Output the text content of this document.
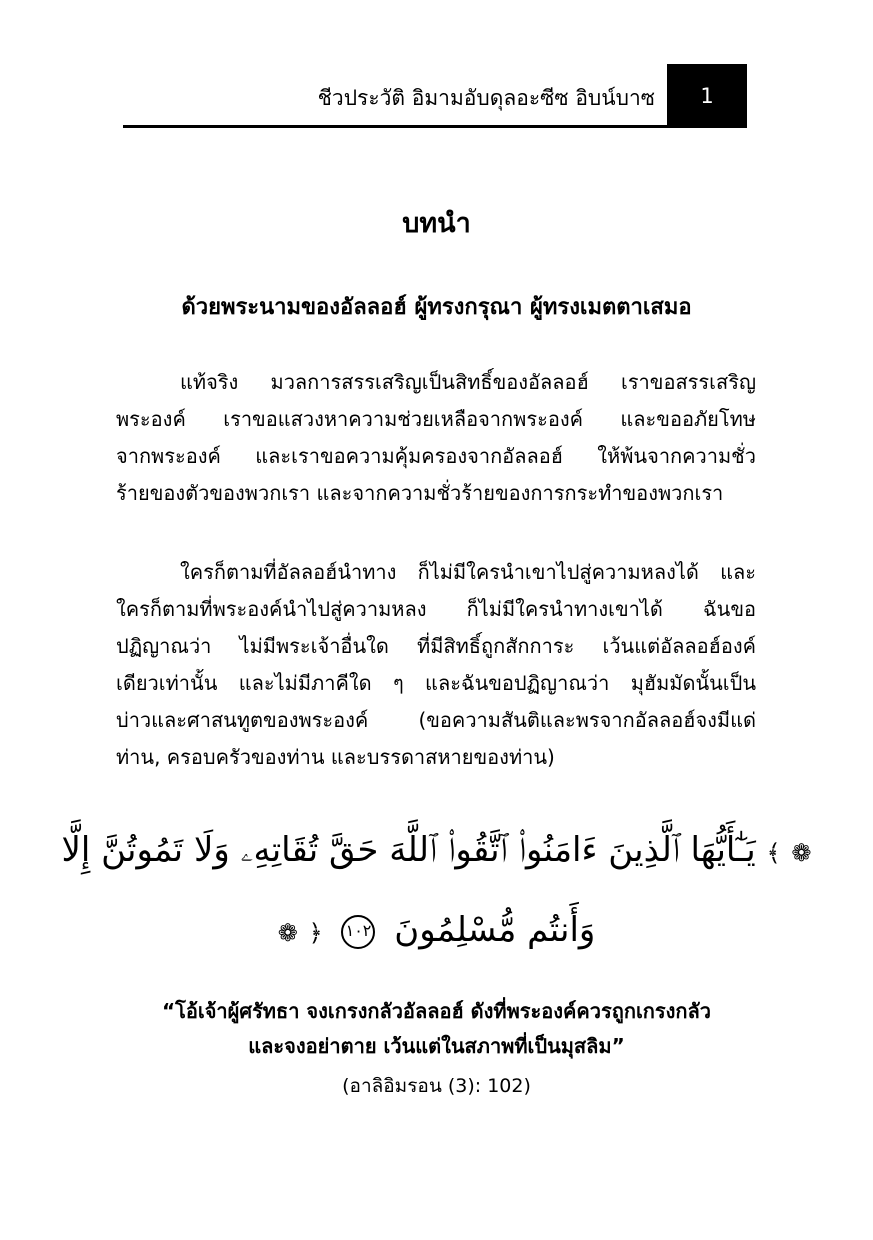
ชีวประวัติ อิมามอับดุลอะซีซ อิบน์บาซ	1
บทนำ
ด้วยพระนามของอัลลอฮ์ ผู้ทรงกรุณา ผู้ทรงเมตตาเสมอ
แท้จริง มวลการสรรเสริญเป็นสิทธิ์ของอัลลอฮ์ เราขอสรรเสริญ
พระองค์ เราขอแสวงหาความช่วยเหลือจากพระองค์ และขออภัยโทษ
จากพระองค์ และเราขอความคุ้มครองจากอัลลอฮ์ ให้พ้นจากความชั่ว
ร้ายของตัวของพวกเรา และจากความชั่วร้ายของการกระทำของพวกเรา
ใครก็ตามที่อัลลอฮ์นำทาง ก็ไม่มีใครนำเขาไปสู่ความหลงได้ และ
ใครก็ตามที่พระองค์นำไปสู่ความหลง ก็ไม่มีใครนำทางเขาได้ ฉันขอ
ปฏิญาณว่า ไม่มีพระเจ้าอื่นใด ที่มีสิทธิ์ถูกสักการะ เว้นแต่อัลลอฮ์องค์
เดียวเท่านั้น และไม่มีภาคีใด ๆ และฉันขอปฏิญาณว่า มุฮัมมัดนั้นเป็น
บ่าวและศาสนทูตของพระองค์ (ขอความสันติและพรจากอัลลอฮ์จงมีแด่
ท่าน, ครอบครัวของท่าน และบรรดาสหายของท่าน)
❁ ﴾ يَـٰٓأَيُّهَا ٱلَّذِينَ ءَامَنُوا۟ ٱتَّقُوا۟ ٱللَّهَ حَقَّ تُقَاتِهِۦ وَلَا تَمُوتُنَّ إِلَّا
وَأَنتُم مُّسْلِمُونَ ١٠٢ ﴿ ❁
“โอ้เจ้าผู้ศรัทธา จงเกรงกลัวอัลลอฮ์ ดังที่พระองค์ควรถูกเกรงกลัว
และจงอย่าตาย เว้นแต่ในสภาพที่เป็นมุสลิม”
(อาลิอิมรอน (3): 102)
